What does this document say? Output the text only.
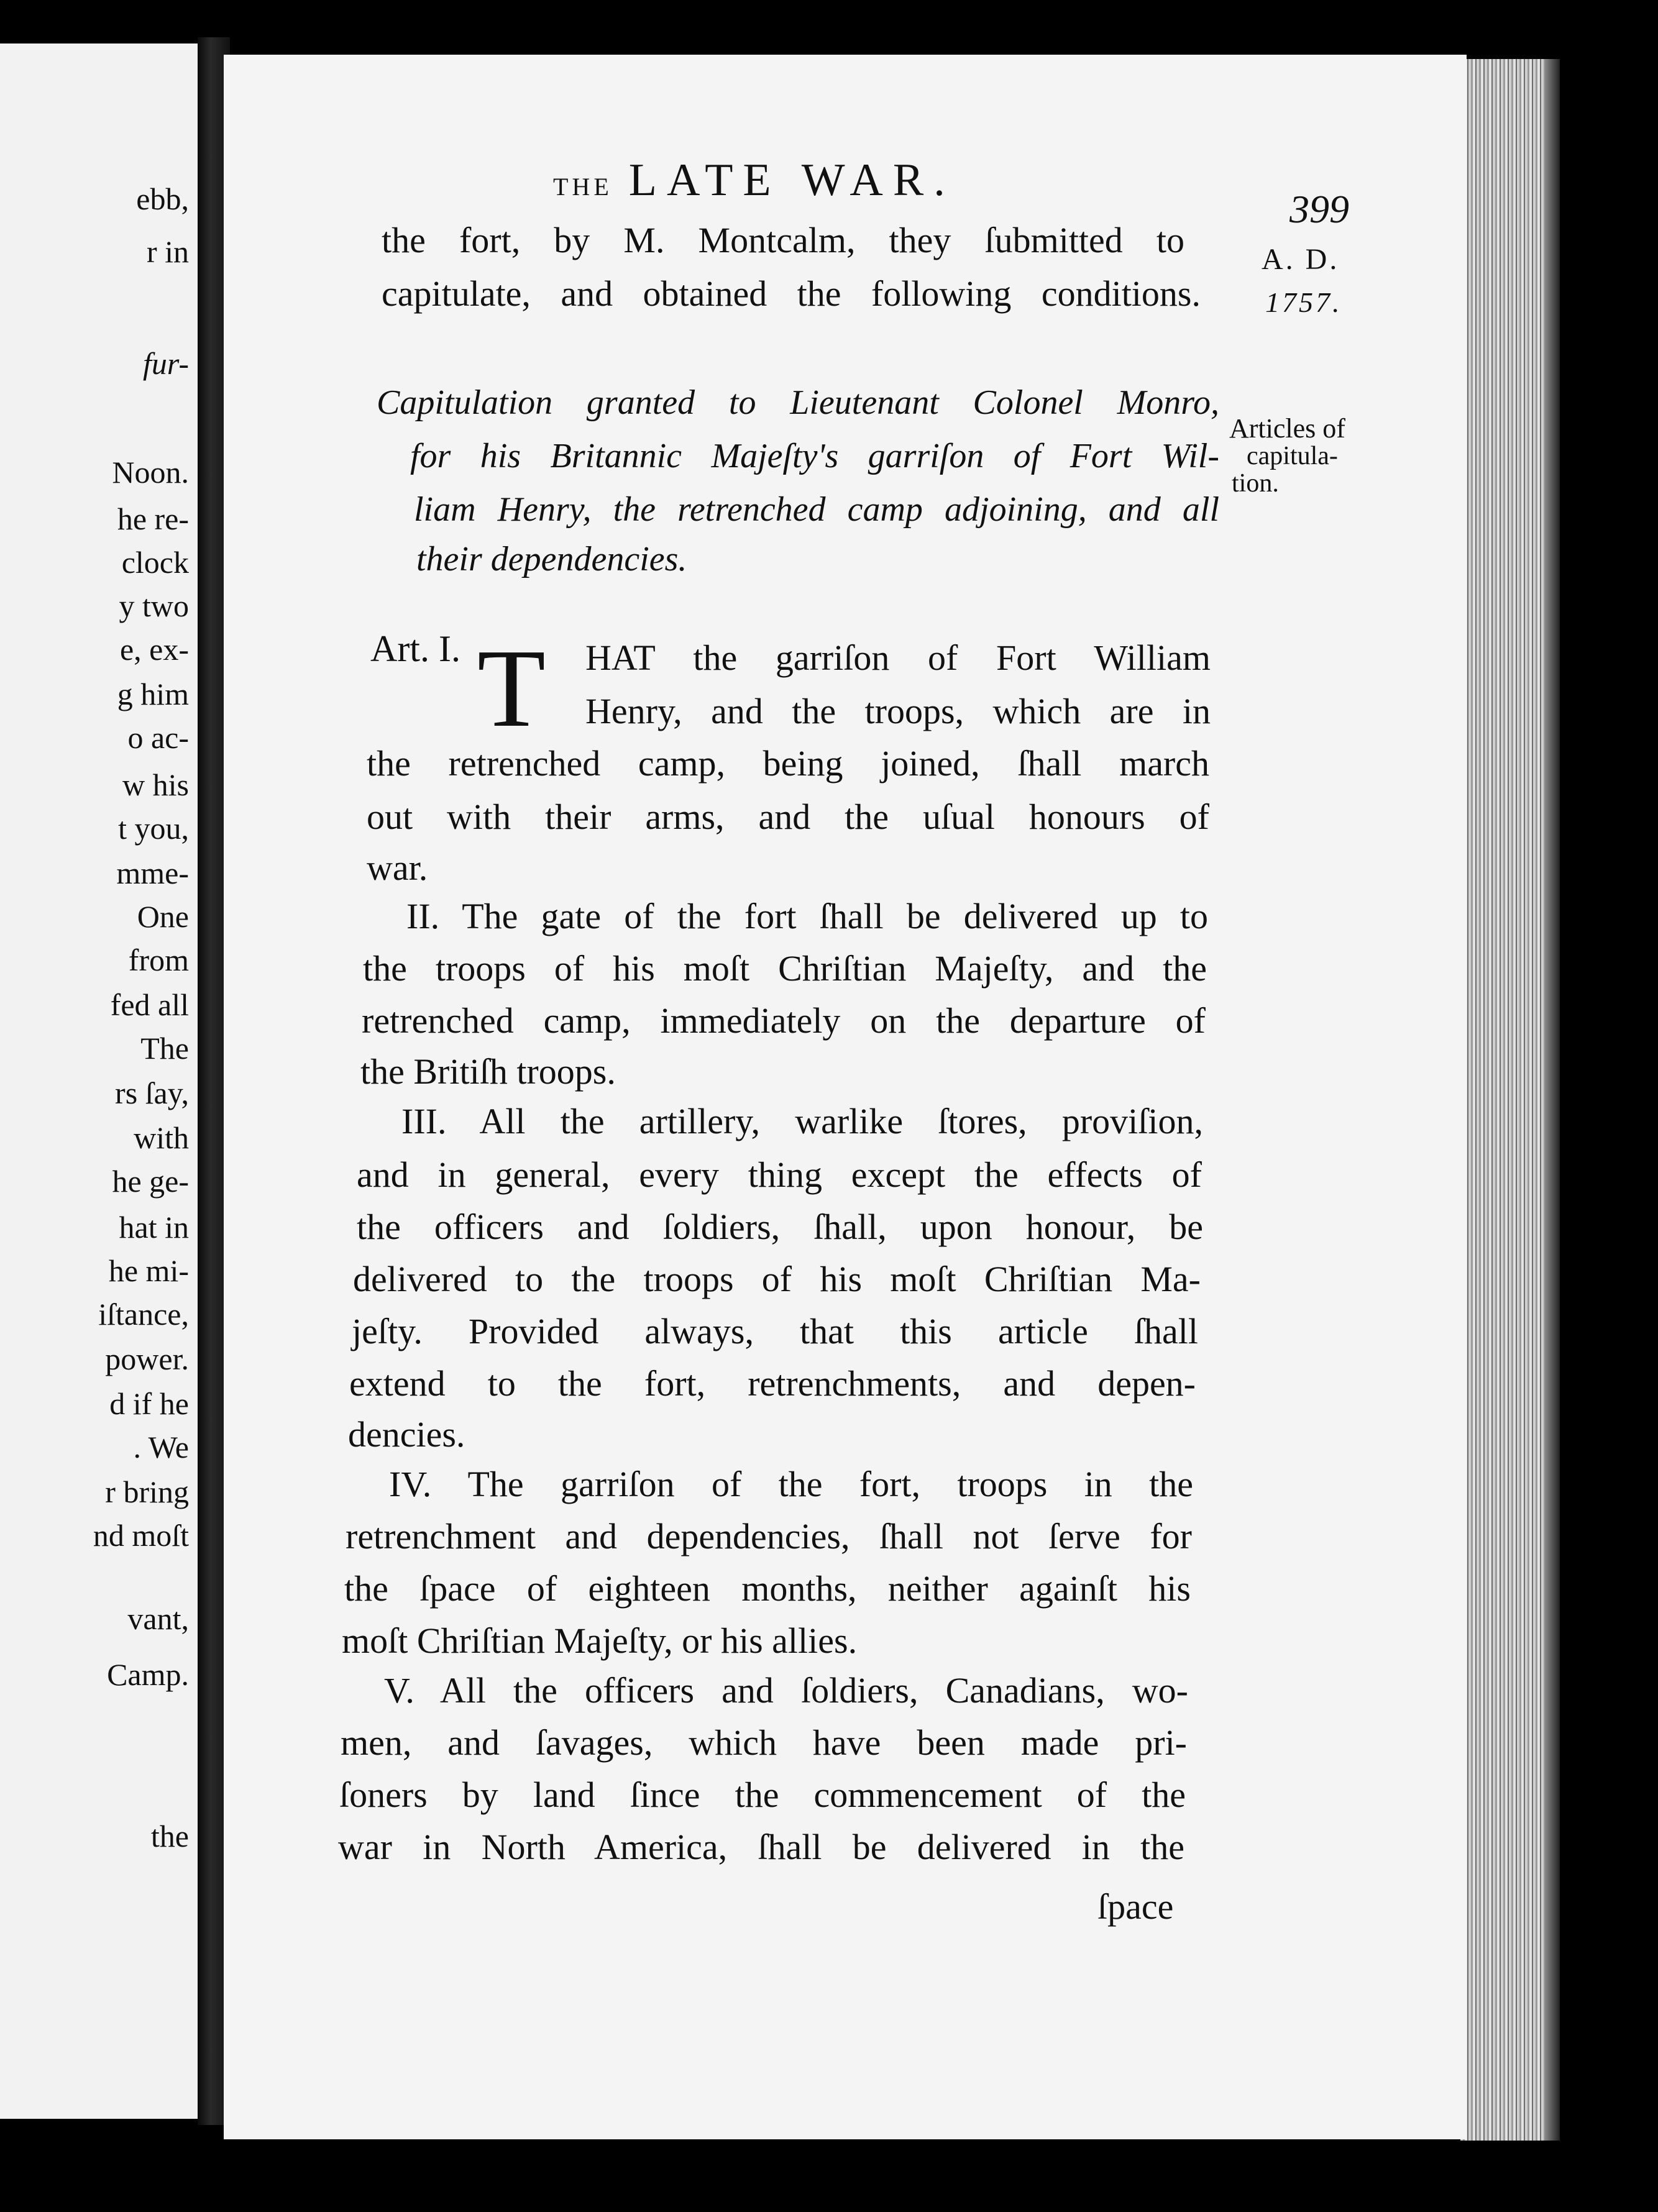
ebb,
r in
fur-
Noon.
he re-
clock
y two
e, ex-
g him
o ac-
w his
t you,
mme-
One
from
fed all
The
rs ſay,
with
he ge-
hat in
he mi-
iſtance,
power.
d if he
. We
r bring
nd moſt
vant,
Camp.
the
THE LATE WAR.
399
A. D.
1757.
Articles of
capitula-
tion.
the fort, by M. Montcalm, they ſubmitted to
capitulate, and obtained the following conditions.
Capitulation granted to Lieutenant Colonel Monro,
for his Britannic Majeſty's garriſon of Fort Wil-
liam Henry, the retrenched camp adjoining, and all
their dependencies.
Art. I. T HAT the garriſon of Fort William
Henry, and the troops, which are in
the retrenched camp, being joined, ſhall march
out with their arms, and the uſual honours of
war.
II. The gate of the fort ſhall be delivered up to
the troops of his moſt Chriſtian Majeſty, and the
retrenched camp, immediately on the departure of
the Britiſh troops.
III. All the artillery, warlike ſtores, proviſion,
and in general, every thing except the effects of
the officers and ſoldiers, ſhall, upon honour, be
delivered to the troops of his moſt Chriſtian Ma-
jeſty. Provided always, that this article ſhall
extend to the fort, retrenchments, and depen-
dencies.
IV. The garriſon of the fort, troops in the
retrenchment and dependencies, ſhall not ſerve for
the ſpace of eighteen months, neither againſt his
moſt Chriſtian Majeſty, or his allies.
V. All the officers and ſoldiers, Canadians, wo-
men, and ſavages, which have been made pri-
ſoners by land ſince the commencement of the
war in North America, ſhall be delivered in the
ſpace
